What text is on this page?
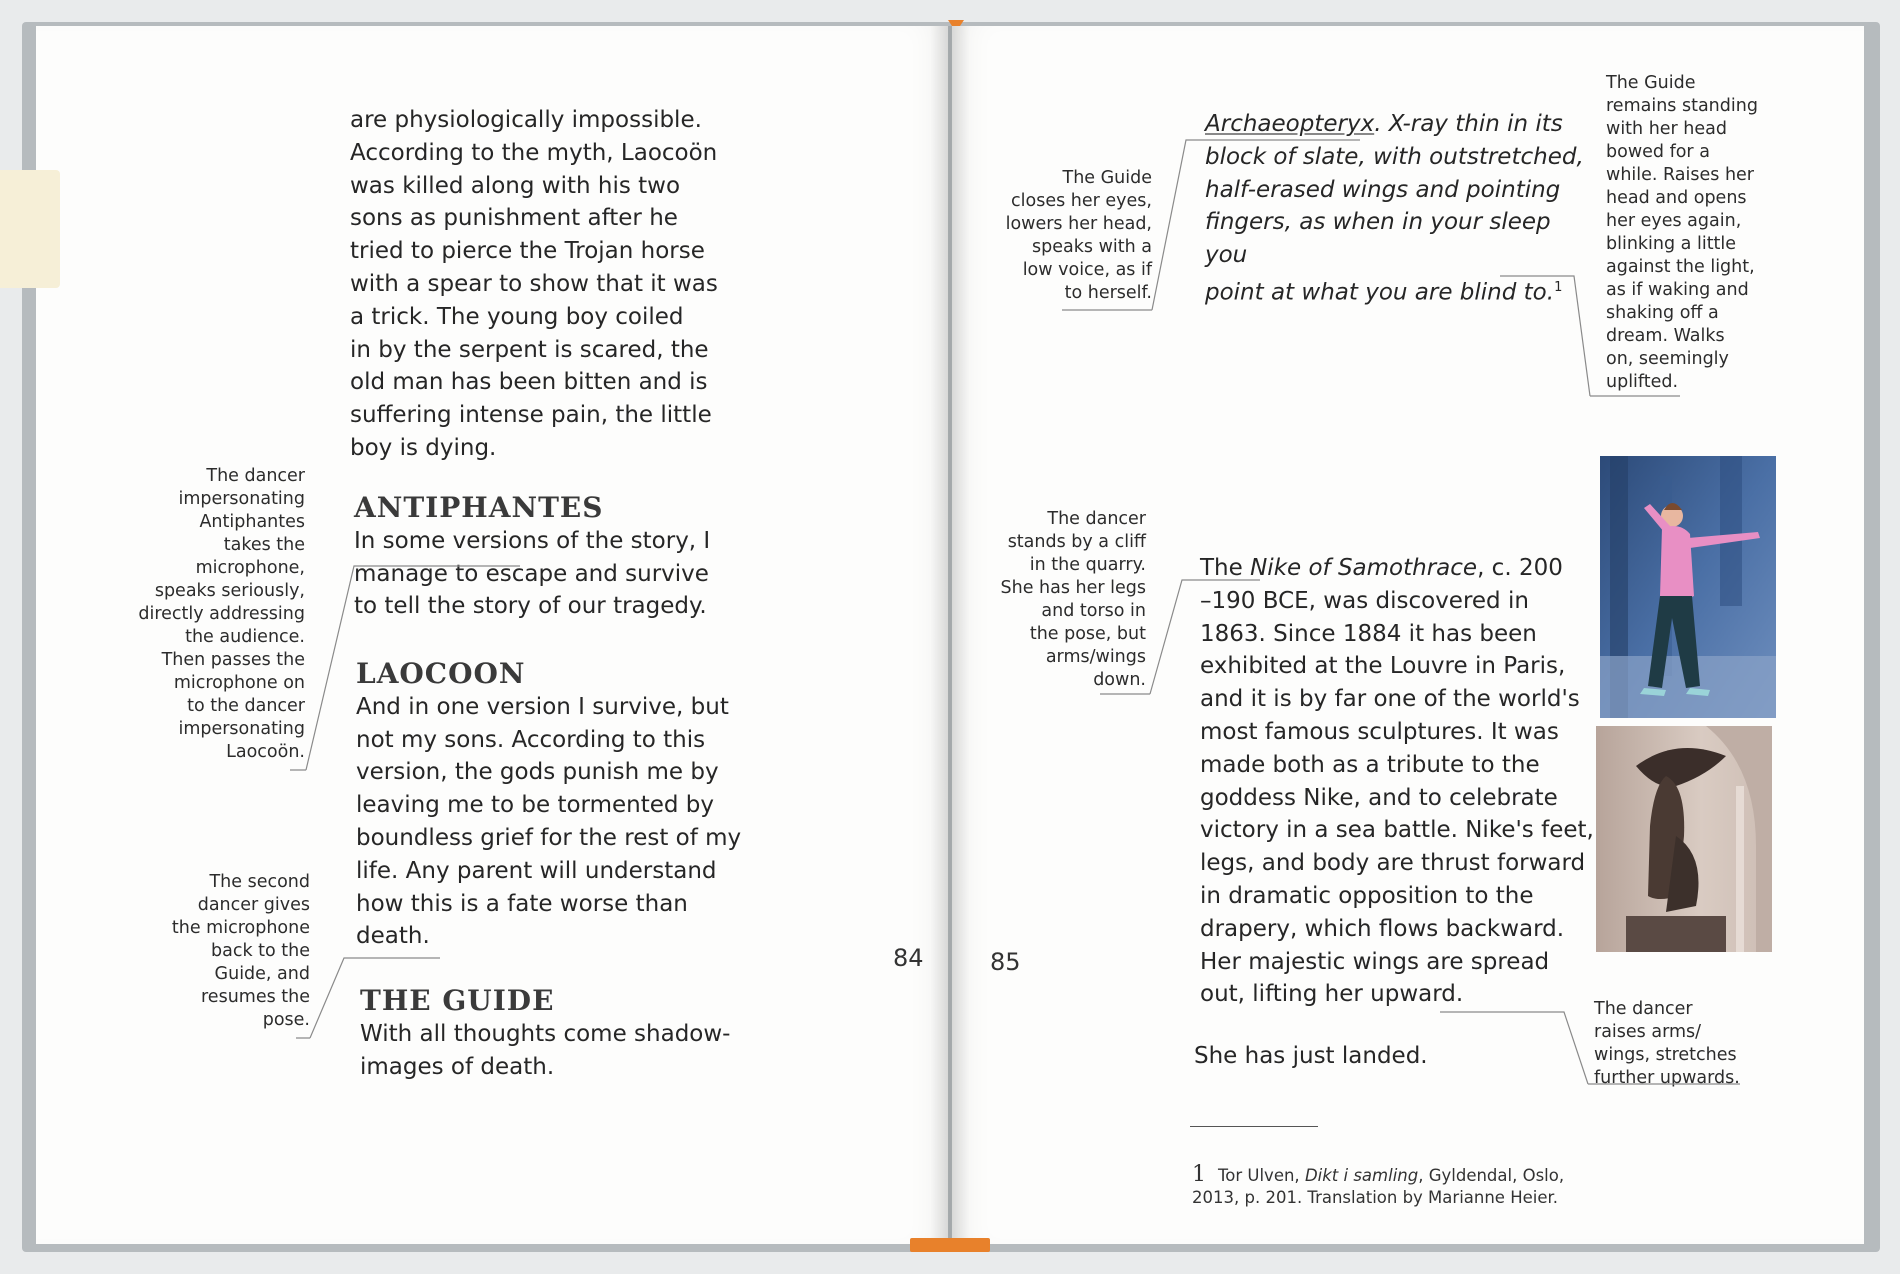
are physiologically impossible.
According to the myth, Laocoön
was killed along with his two
sons as punishment after he
tried to pierce the Trojan horse
with a spear to show that it was
a trick. The young boy coiled
in by the serpent is scared, the
old man has been bitten and is
suffering intense pain, the little
boy is dying.

ANTIPHANTES

In some versions of the story, I
manage to escape and survive
to tell the story of our tragedy.

LAOCOON

And in one version I survive, but
not my sons. According to this
version, the gods punish me by
leaving me to be tormented by
boundless grief for the rest of my
life. Any parent will understand
how this is a fate worse than
death.

THE GUIDE

With all thoughts come shadow-
images of death.

The dancer
impersonating
Antiphantes
takes the
microphone,
speaks seriously,
directly addressing
the audience.
Then passes the
microphone on
to the dancer
impersonating
Laocoön.
The second
dancer gives
the microphone
back to the
Guide, and
resumes the
pose.
84	85

Archaeopteryx. X-ray thin in its
block of slate, with outstretched,
half-erased wings and pointing
fingers, as when in your sleep you
point at what you are blind to.$^1$

The Guide
closes her eyes,
lowers her head,
speaks with a
low voice, as if
to herself.
The Guide
remains standing
with her head
bowed for a
while. Raises her
head and opens
her eyes again,
blinking a little
against the light,
as if waking and
shaking off a
dream. Walks
on, seemingly
uplifted.
The dancer
stands by a cliff
in the quarry.
She has her legs
and torso in
the pose, but
arms/wings
down.

The Nike of Samothrace, c. 200
–190 BCE, was discovered in
1863. Since 1884 it has been
exhibited at the Louvre in Paris,
and it is by far one of the world's
most famous sculptures. It was
made both as a tribute to the
goddess Nike, and to celebrate
victory in a sea battle. Nike's feet,
legs, and body are thrust forward
in dramatic opposition to the
drapery, which flows backward.
Her majestic wings are spread
out, lifting her upward.

She has just landed.

The dancer
raises arms/
wings, stretches
further upwards.

1 Tor Ulven, Dikt i samling, Gyldendal, Oslo,
2013, p. 201. Translation by Marianne Heier.
